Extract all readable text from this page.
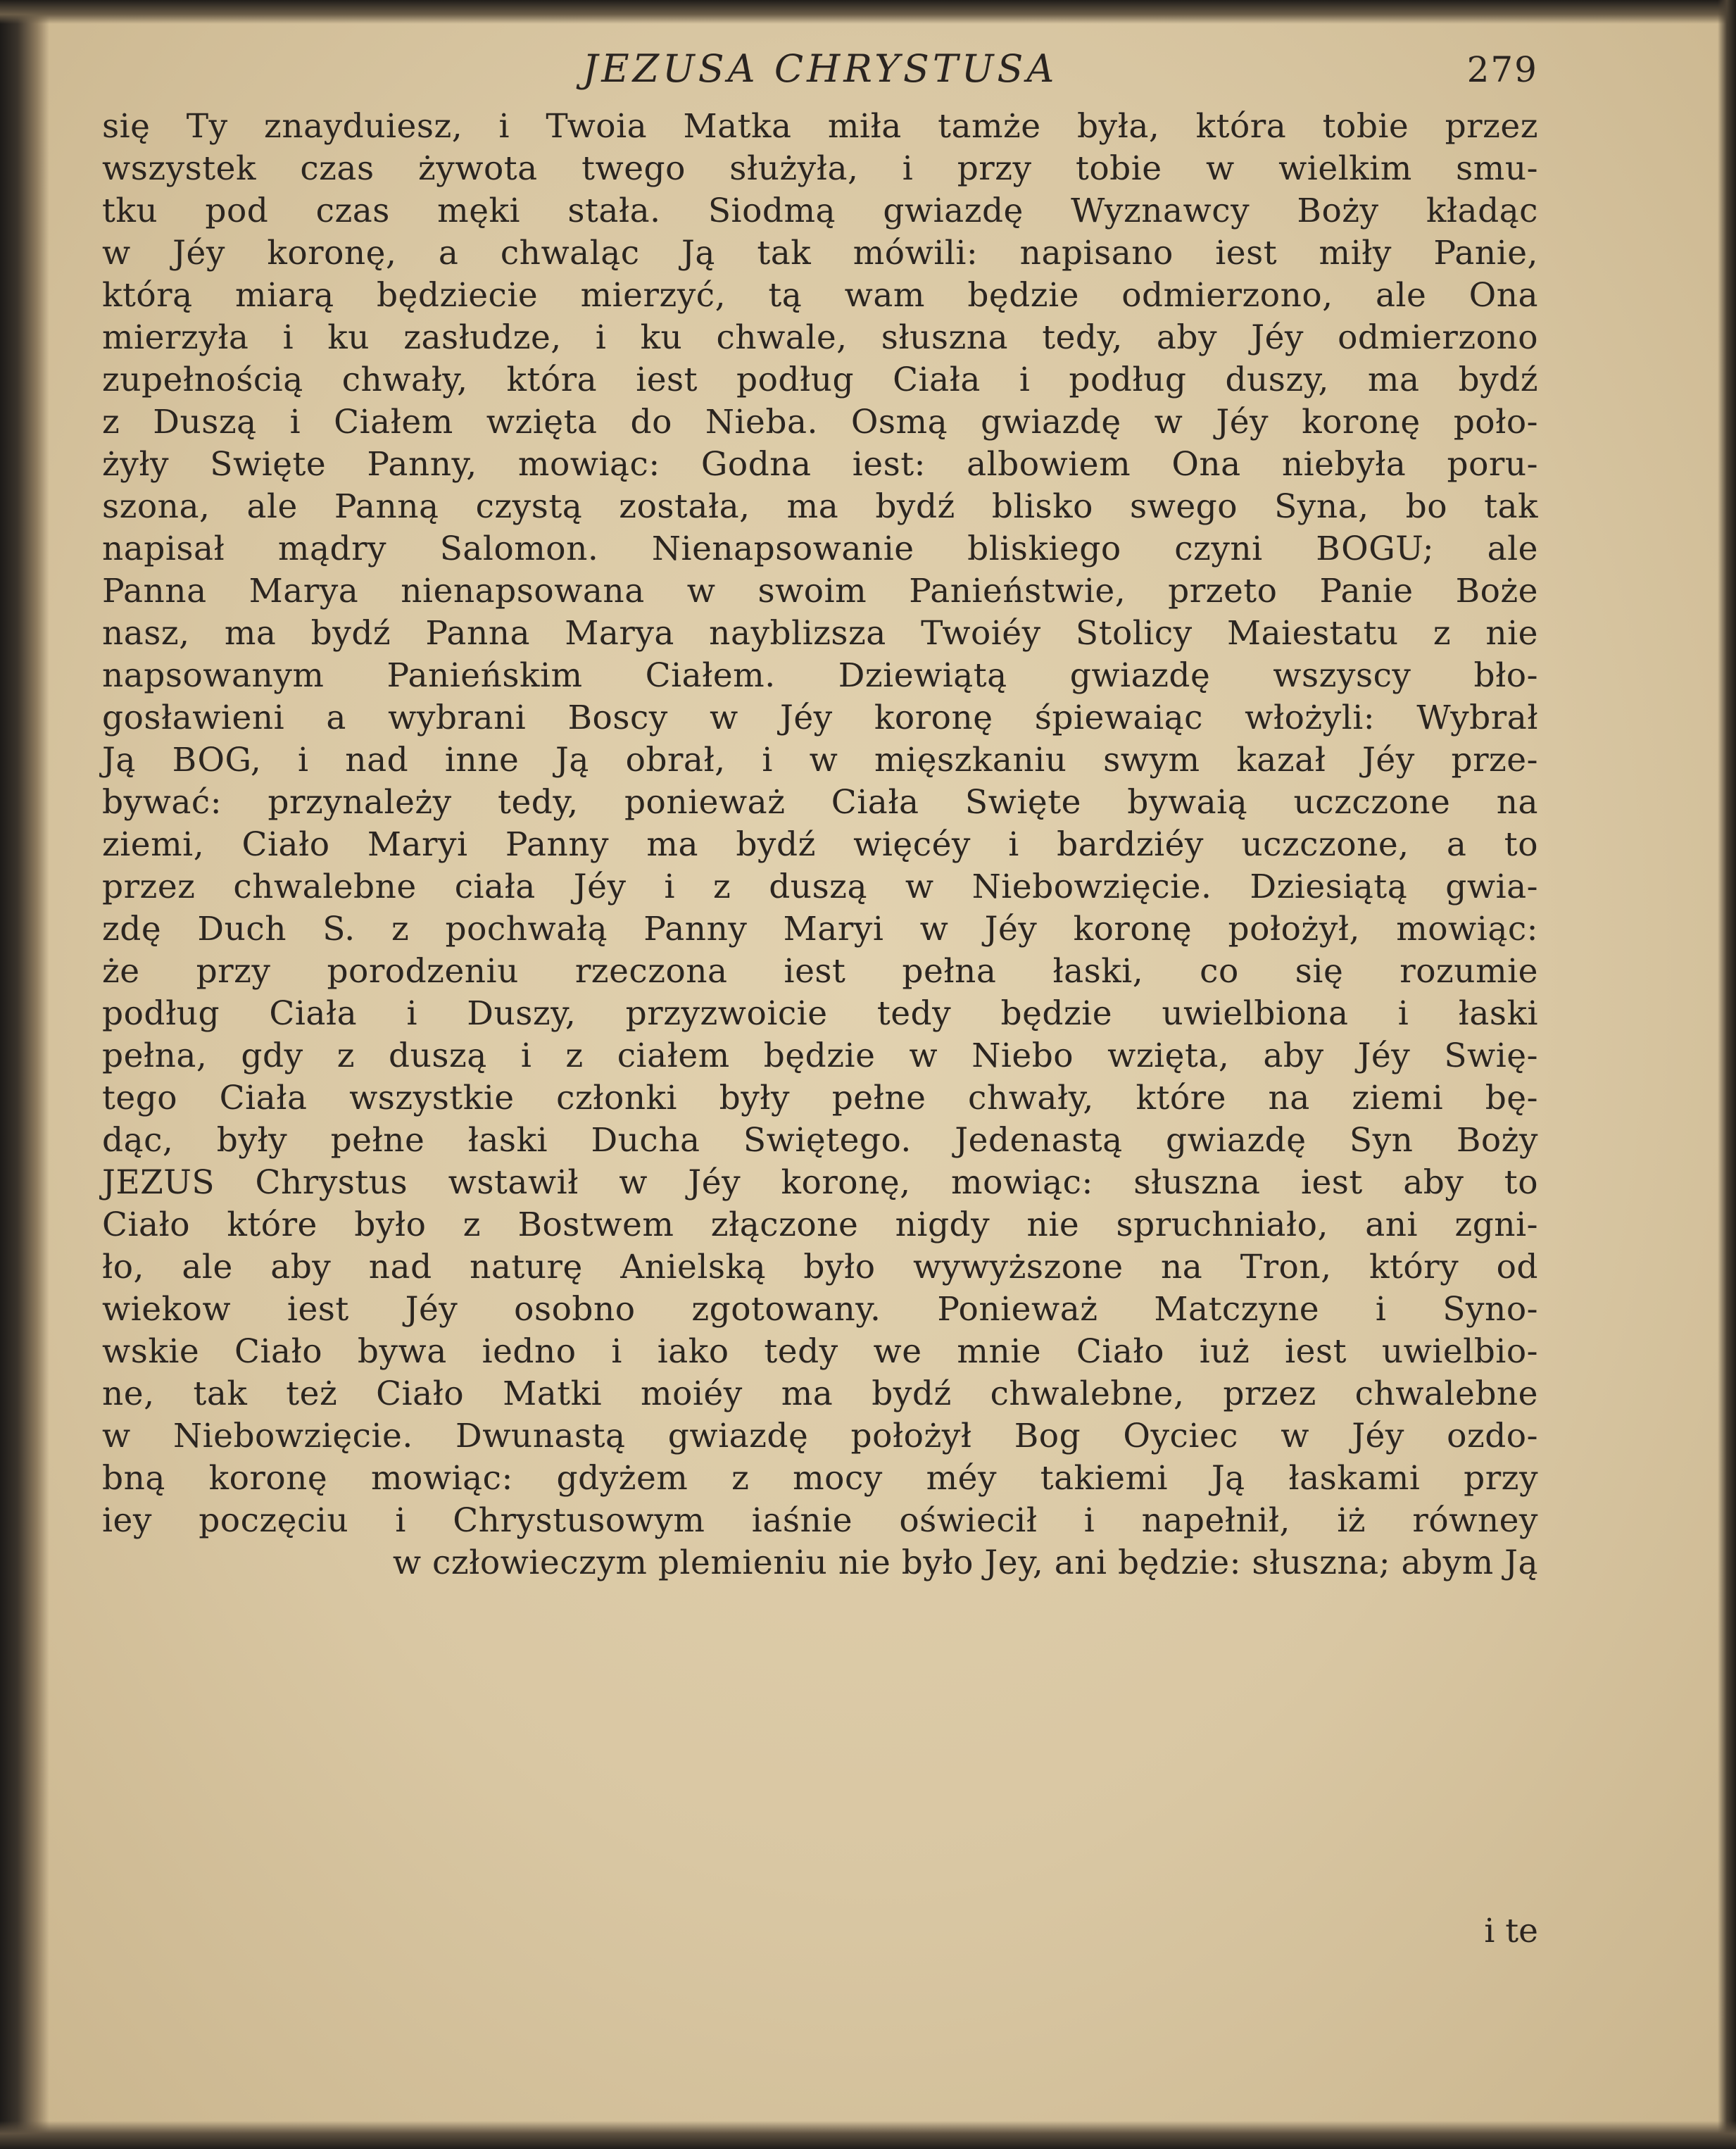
JEZUSA CHRYSTUSA	279
się Ty znayduiesz, i Twoia Matka miła tamże była, która tobie przez
wszystek czas żywota twego służyła, i przy tobie w wielkim smu-
tku pod czas męki stała. Siodmą gwiazdę Wyznawcy Boży kładąc
w Jéy koronę, a chwaląc Ją tak mówili: napisano iest miły Panie,
którą miarą będziecie mierzyć, tą wam będzie odmierzono, ale Ona
mierzyła i ku zasłudze, i ku chwale, słuszna tedy, aby Jéy odmierzono
zupełnością chwały, która iest podług Ciała i podług duszy, ma bydź
z Duszą i Ciałem wzięta do Nieba. Osmą gwiazdę w Jéy koronę poło-
żyły Swięte Panny, mowiąc: Godna iest: albowiem Ona niebyła poru-
szona, ale Panną czystą została, ma bydź blisko swego Syna, bo tak
napisał mądry Salomon. Nienapsowanie bliskiego czyni BOGU; ale
Panna Marya nienapsowana w swoim Panieństwie, przeto Panie Boże
nasz, ma bydź Panna Marya nayblizsza Twoiéy Stolicy Maiestatu z nie
napsowanym Panieńskim Ciałem. Dziewiątą gwiazdę wszyscy bło-
gosławieni a wybrani Boscy w Jéy koronę śpiewaiąc włożyli: Wybrał
Ją BOG, i nad inne Ją obrał, i w mięszkaniu swym kazał Jéy prze-
bywać: przynależy tedy, ponieważ Ciała Swięte bywaią uczczone na
ziemi, Ciało Maryi Panny ma bydź więcéy i bardziéy uczczone, a to
przez chwalebne ciała Jéy i z duszą w Niebowzięcie. Dziesiątą gwia-
zdę Duch S. z pochwałą Panny Maryi w Jéy koronę położył, mowiąc:
że przy porodzeniu rzeczona iest pełna łaski, co się rozumie
podług Ciała i Duszy, przyzwoicie tedy będzie uwielbiona i łaski
pełna, gdy z duszą i z ciałem będzie w Niebo wzięta, aby Jéy Swię-
tego Ciała wszystkie członki były pełne chwały, które na ziemi bę-
dąc, były pełne łaski Ducha Swiętego. Jedenastą gwiazdę Syn Boży
JEZUS Chrystus wstawił w Jéy koronę, mowiąc: słuszna iest aby to
Ciało które było z Bostwem złączone nigdy nie spruchniało, ani zgni-
ło, ale aby nad naturę Anielską było wywyższone na Tron, który od
wiekow iest Jéy osobno zgotowany. Ponieważ Matczyne i Syno-
wskie Ciało bywa iedno i iako tedy we mnie Ciało iuż iest uwielbio-
ne, tak też Ciało Matki moiéy ma bydź chwalebne, przez chwalebne
w Niebowzięcie. Dwunastą gwiazdę położył Bog Oyciec w Jéy ozdo-
bną koronę mowiąc: gdyżem z mocy méy takiemi Ją łaskami przy
iey poczęciu i Chrystusowym iaśnie oświecił i napełnił, iż równey
w człowieczym plemieniu nie było Jey, ani będzie: słuszna; abym Ją
i te
